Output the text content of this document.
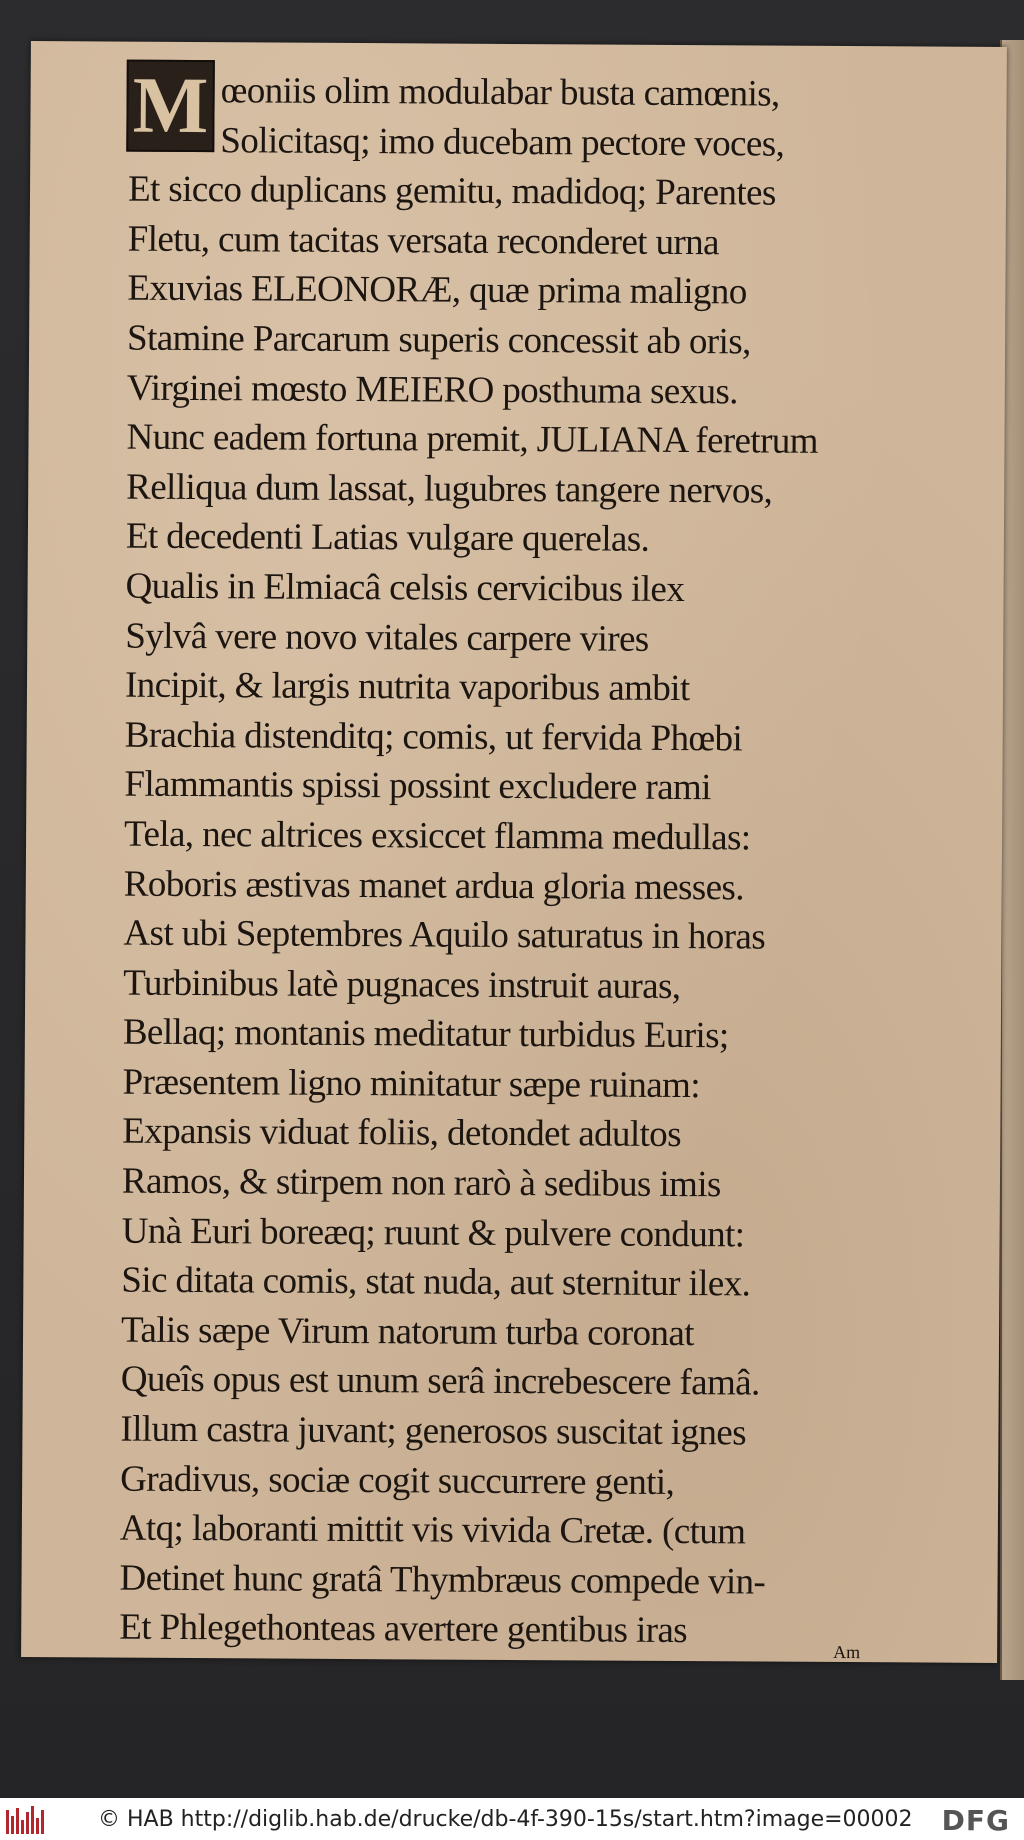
M œoniis olim modulabar busta camœnis,
Solicitasq; imo ducebam pectore voces,
Et sicco duplicans gemitu, madidoq; Parentes
Fletu, cum tacitas versata reconderet urna
Exuvias ELEONORÆ, quæ prima maligno
Stamine Parcarum superis concessit ab oris,
Virginei mœsto MEIERO posthuma sexus.
Nunc eadem fortuna premit, JULIANA feretrum
Relliqua dum lassat, lugubres tangere nervos,
Et decedenti Latias vulgare querelas.
Qualis in Elmiacâ celsis cervicibus ilex
Sylvâ vere novo vitales carpere vires
Incipit, & largis nutrita vaporibus ambit
Brachia distenditq; comis, ut fervida Phœbi
Flammantis spissi possint excludere rami
Tela, nec altrices exsiccet flamma medullas:
Roboris æstivas manet ardua gloria messes.
Ast ubi Septembres Aquilo saturatus in horas
Turbinibus latè pugnaces instruit auras,
Bellaq; montanis meditatur turbidus Euris;
Præsentem ligno minitatur sæpe ruinam:
Expansis viduat foliis, detondet adultos
Ramos, & stirpem non rarò à sedibus imis
Unà Euri boreæq; ruunt & pulvere condunt:
Sic ditata comis, stat nuda, aut sternitur ilex.
Talis sæpe Virum natorum turba coronat
Queîs opus est unum serâ increbescere famâ.
Illum castra juvant; generosos suscitat ignes
Gradivus, sociæ cogit succurrere genti,
Atq; laboranti mittit vis vivida Cretæ. (ctum
Detinet hunc gratâ Thymbræus compede vin-
Et Phlegethonteas avertere gentibus iras
Am
© HAB http://diglib.hab.de/drucke/db-4f-390-15s/start.htm?image=00002 DFG
